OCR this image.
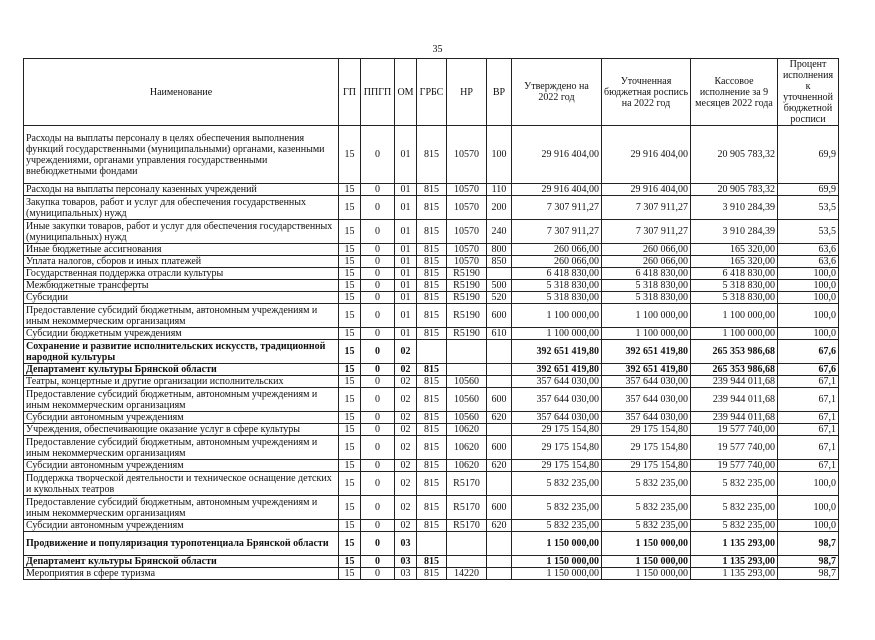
35
Наименование	ГП	ППГП	ОМ	ГРБС	НР	ВР	Утверждено на 2022 год	Уточненная бюджетная роспись на 2022 год	Кассовое исполнение за 9 месяцев 2022 года	Процент исполнения к уточненной бюджетной росписи
Расходы на выплаты персоналу в целях обеспечения выполнения функций государственными (муниципальными) органами, казенными учреждениями, органами управления государственными внебюджетными фондами	15	0	01	815	10570	100	29 916 404,00	29 916 404,00	20 905 783,32	69,9
Расходы на выплаты персоналу казенных учреждений	15	0	01	815	10570	110	29 916 404,00	29 916 404,00	20 905 783,32	69,9
Закупка товаров, работ и услуг для обеспечения государственных (муниципальных) нужд	15	0	01	815	10570	200	7 307 911,27	7 307 911,27	3 910 284,39	53,5
Иные закупки товаров, работ и услуг для обеспечения государственных (муниципальных) нужд	15	0	01	815	10570	240	7 307 911,27	7 307 911,27	3 910 284,39	53,5
Иные бюджетные ассигнования	15	0	01	815	10570	800	260 066,00	260 066,00	165 320,00	63,6
Уплата налогов, сборов и иных платежей	15	0	01	815	10570	850	260 066,00	260 066,00	165 320,00	63,6
Государственная поддержка отрасли культуры	15	0	01	815	R5190		6 418 830,00	6 418 830,00	6 418 830,00	100,0
Межбюджетные трансферты	15	0	01	815	R5190	500	5 318 830,00	5 318 830,00	5 318 830,00	100,0
Субсидии	15	0	01	815	R5190	520	5 318 830,00	5 318 830,00	5 318 830,00	100,0
Предоставление субсидий бюджетным, автономным учреждениям и иным некоммерческим организациям	15	0	01	815	R5190	600	1 100 000,00	1 100 000,00	1 100 000,00	100,0
Субсидии бюджетным учреждениям	15	0	01	815	R5190	610	1 100 000,00	1 100 000,00	1 100 000,00	100,0
Сохранение и развитие исполнительских искусств, традиционной народной культуры	15	0	02				392 651 419,80	392 651 419,80	265 353 986,68	67,6
Департамент культуры Брянской области	15	0	02	815			392 651 419,80	392 651 419,80	265 353 986,68	67,6
Театры, концертные и другие организации исполнительских	15	0	02	815	10560		357 644 030,00	357 644 030,00	239 944 011,68	67,1
Предоставление субсидий бюджетным, автономным учреждениям и иным некоммерческим организациям	15	0	02	815	10560	600	357 644 030,00	357 644 030,00	239 944 011,68	67,1
Субсидии автономным учреждениям	15	0	02	815	10560	620	357 644 030,00	357 644 030,00	239 944 011,68	67,1
Учреждения, обеспечивающие оказание услуг в сфере культуры	15	0	02	815	10620		29 175 154,80	29 175 154,80	19 577 740,00	67,1
Предоставление субсидий бюджетным, автономным учреждениям и иным некоммерческим организациям	15	0	02	815	10620	600	29 175 154,80	29 175 154,80	19 577 740,00	67,1
Субсидии автономным учреждениям	15	0	02	815	10620	620	29 175 154,80	29 175 154,80	19 577 740,00	67,1
Поддержка творческой деятельности и техническое оснащение детских и кукольных театров	15	0	02	815	R5170		5 832 235,00	5 832 235,00	5 832 235,00	100,0
Предоставление субсидий бюджетным, автономным учреждениям и иным некоммерческим организациям	15	0	02	815	R5170	600	5 832 235,00	5 832 235,00	5 832 235,00	100,0
Субсидии автономным учреждениям	15	0	02	815	R5170	620	5 832 235,00	5 832 235,00	5 832 235,00	100,0
Продвижение и популяризация туропотенциала Брянской области	15	0	03				1 150 000,00	1 150 000,00	1 135 293,00	98,7
Департамент культуры Брянской области	15	0	03	815			1 150 000,00	1 150 000,00	1 135 293,00	98,7
Мероприятия в сфере туризма	15	0	03	815	14220		1 150 000,00	1 150 000,00	1 135 293,00	98,7
